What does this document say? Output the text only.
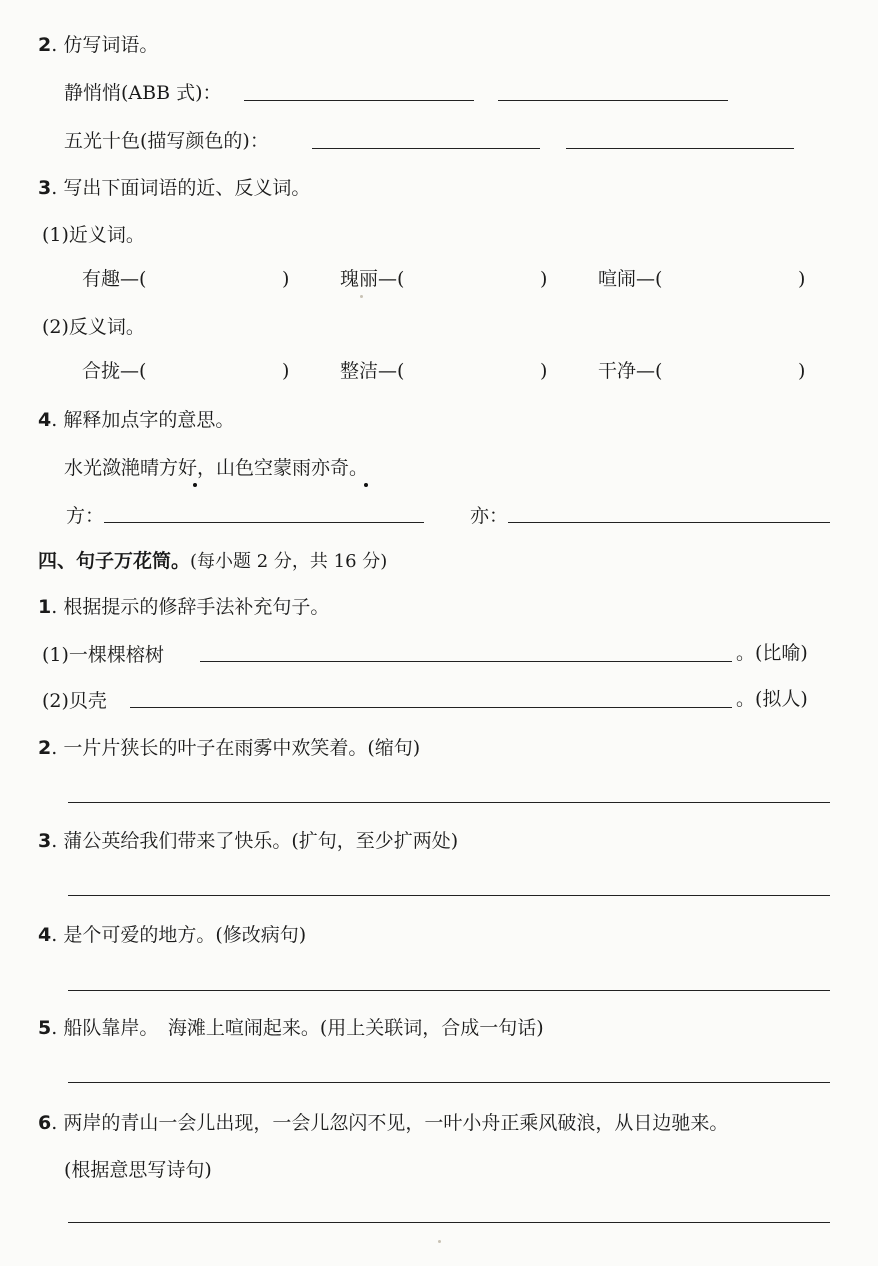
2. 仿写词语。
静悄悄(ABB 式)：
五光十色(描写颜色的)：
3. 写出下面词语的近、反义词。
(1)近义词。
有趣—(	)	瑰丽—(	)	喧闹—(	)
(2)反义词。
合拢—(	)	整洁—(	)	干净—(	)
4. 解释加点字的意思。
水光潋滟晴方好，山色空蒙雨亦奇。
方：	亦：
四、句子万花筒。(每小题 2 分，共 16 分)
1. 根据提示的修辞手法补充句子。
(1)一棵棵榕树	。(比喻)
(2)贝壳	。(拟人)
2. 一片片狭长的叶子在雨雾中欢笑着。(缩句)
3. 蒲公英给我们带来了快乐。(扩句，至少扩两处)
4. 是个可爱的地方。(修改病句)
5. 船队靠岸。　海滩上喧闹起来。(用上关联词，合成一句话)
6. 两岸的青山一会儿出现，一会儿忽闪不见，一叶小舟正乘风破浪，从日边驰来。
(根据意思写诗句)
